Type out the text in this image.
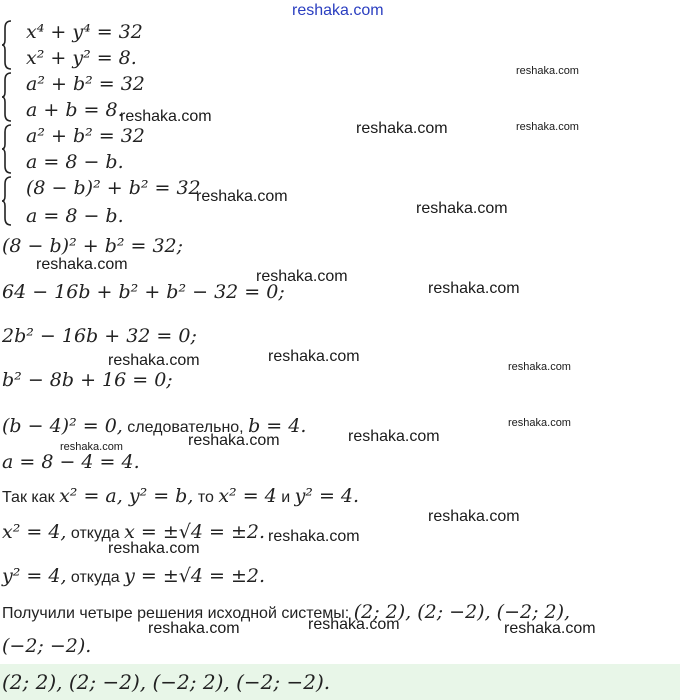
reshaka.com
reshaka.com
reshaka.com
reshaka.com	reshaka.com
reshaka.com
reshaka.com
reshaka.com
reshaka.com
reshaka.com
reshaka.com	reshaka.com
reshaka.com
reshaka.com	reshaka.com	reshaka.com
reshaka.com
reshaka.com
reshaka.com
reshaka.com
reshaka.com	reshaka.com	reshaka.com
x⁴ + y⁴ = 32
x² + y² = 8.
a² + b² = 32
a + b = 8.
a² + b² = 32
a = 8 − b.
(8 − b)² + b² = 32
a = 8 − b.
(8 − b)² + b² = 32;
64 − 16b + b² + b² − 32 = 0;
2b² − 16b + 32 = 0;
b² − 8b + 16 = 0;
(b − 4)² = 0, следовательно, b = 4.
a = 8 − 4 = 4.
Так как x² = a, y² = b, то x² = 4 и y² = 4.
x² = 4, откуда x = ±√4 = ±2.
y² = 4, откуда y = ±√4 = ±2.
Получили четыре решения исходной системы: (2; 2), (2; −2), (−2; 2),
(−2; −2).
(2; 2), (2; −2), (−2; 2), (−2; −2).
